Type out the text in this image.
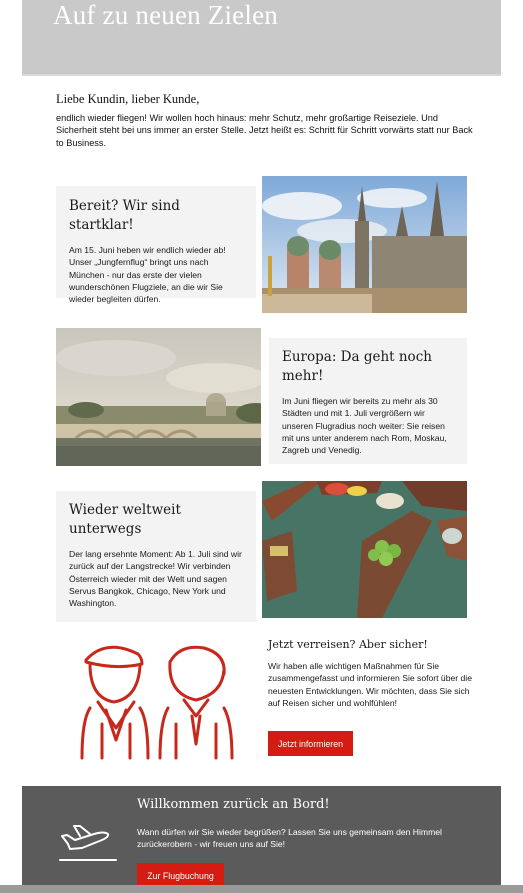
Auf zu neuen Zielen
Liebe Kundin, lieber Kunde,
endlich wieder fliegen! Wir wollen hoch hinaus: mehr Schutz, mehr großartige Reiseziele. Und Sicherheit steht bei uns immer an erster Stelle. Jetzt heißt es: Schritt für Schritt vorwärts statt nur Back to Business.
Bereit? Wir sind startklar!

Am 15. Juni heben wir endlich wieder ab! Unser „Jungfernflug“ bringt uns nach München - nur das erste der vielen wunderschönen Flugziele, an die wir Sie wieder begleiten dürfen.

Europa: Da geht noch mehr!

Im Juni fliegen wir bereits zu mehr als 30 Städten und mit 1. Juli vergrößern wir unseren Flugradius noch weiter: Sie reisen mit uns unter anderem nach Rom, Moskau, Zagreb und Venedig.

Wieder weltweit unterwegs

Der lang ersehnte Moment: Ab 1. Juli sind wir zurück auf der Langstrecke! Wir verbinden Österreich wieder mit der Welt und sagen Servus Bangkok, Chicago, New York und Washington.

Jetzt verreisen? Aber sicher!
Wir haben alle wichtigen Maßnahmen für Sie zusammengefasst und informieren Sie sofort über die neuesten Entwicklungen. Wir möchten, dass Sie sich auf Reisen sicher und wohlfühlen!
Jetzt informieren
Willkommen zurück an Bord!

Wann dürfen wir Sie wieder begrüßen? Lassen Sie uns gemeinsam den Himmel zurückerobern - wir freuen uns auf Sie!

Zur Flugbuchung
